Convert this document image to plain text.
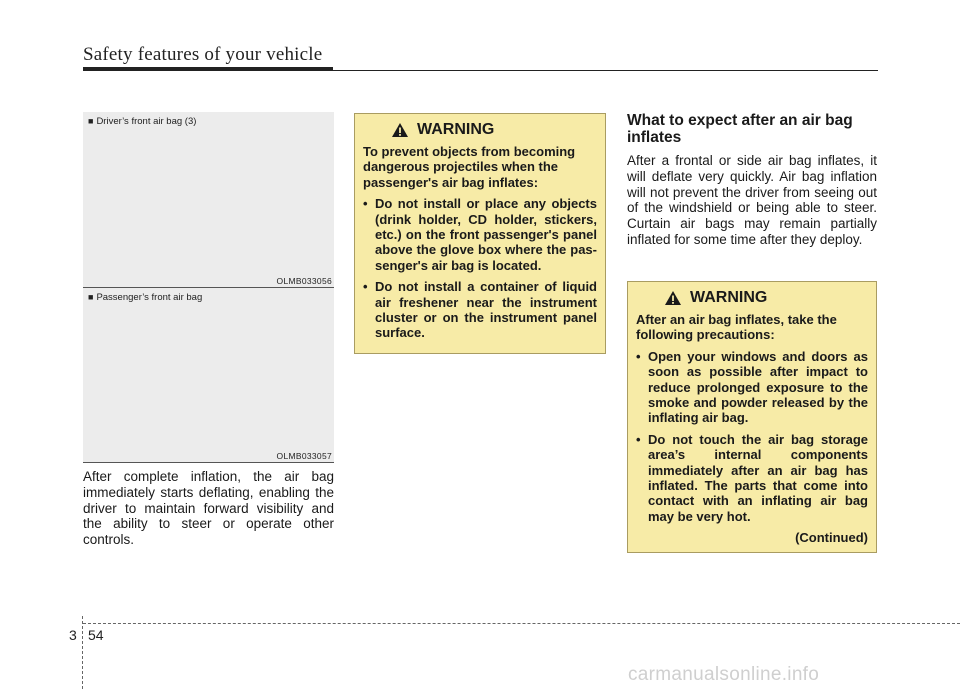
Safety features of your vehicle
■ Driver’s front air bag (3)
OLMB033056
■ Passenger’s front air bag
OLMB033057
After complete inflation, the air bag immediately starts deflating, enabling the driver to maintain forward visibility and the ability to steer or operate other controls.
WARNING
To prevent objects from becoming dangerous projectiles when the passenger's air bag inflates:
• Do not install or place any objects (drink holder, CD holder, stickers, etc.) on the front passenger's panel above the glove box where the passenger's air bag is located.
• Do not install a container of liquid air freshener near the instrument cluster or on the instrument panel surface.
What to expect after an air bag inflates
After a frontal or side air bag inflates, it will deflate very quickly. Air bag inflation will not prevent the driver from seeing out of the windshield or being able to steer. Curtain air bags may remain partially inflated for some time after they deploy.
WARNING
After an air bag inflates, take the following precautions:
• Open your windows and doors as soon as possible after impact to reduce prolonged exposure to the smoke and powder released by the inflating air bag.
• Do not touch the air bag storage area’s internal components immediately after an air bag has inflated. The parts that come into contact with an inflating air bag may be very hot.
(Continued)
3 54
carmanualsonline.info
